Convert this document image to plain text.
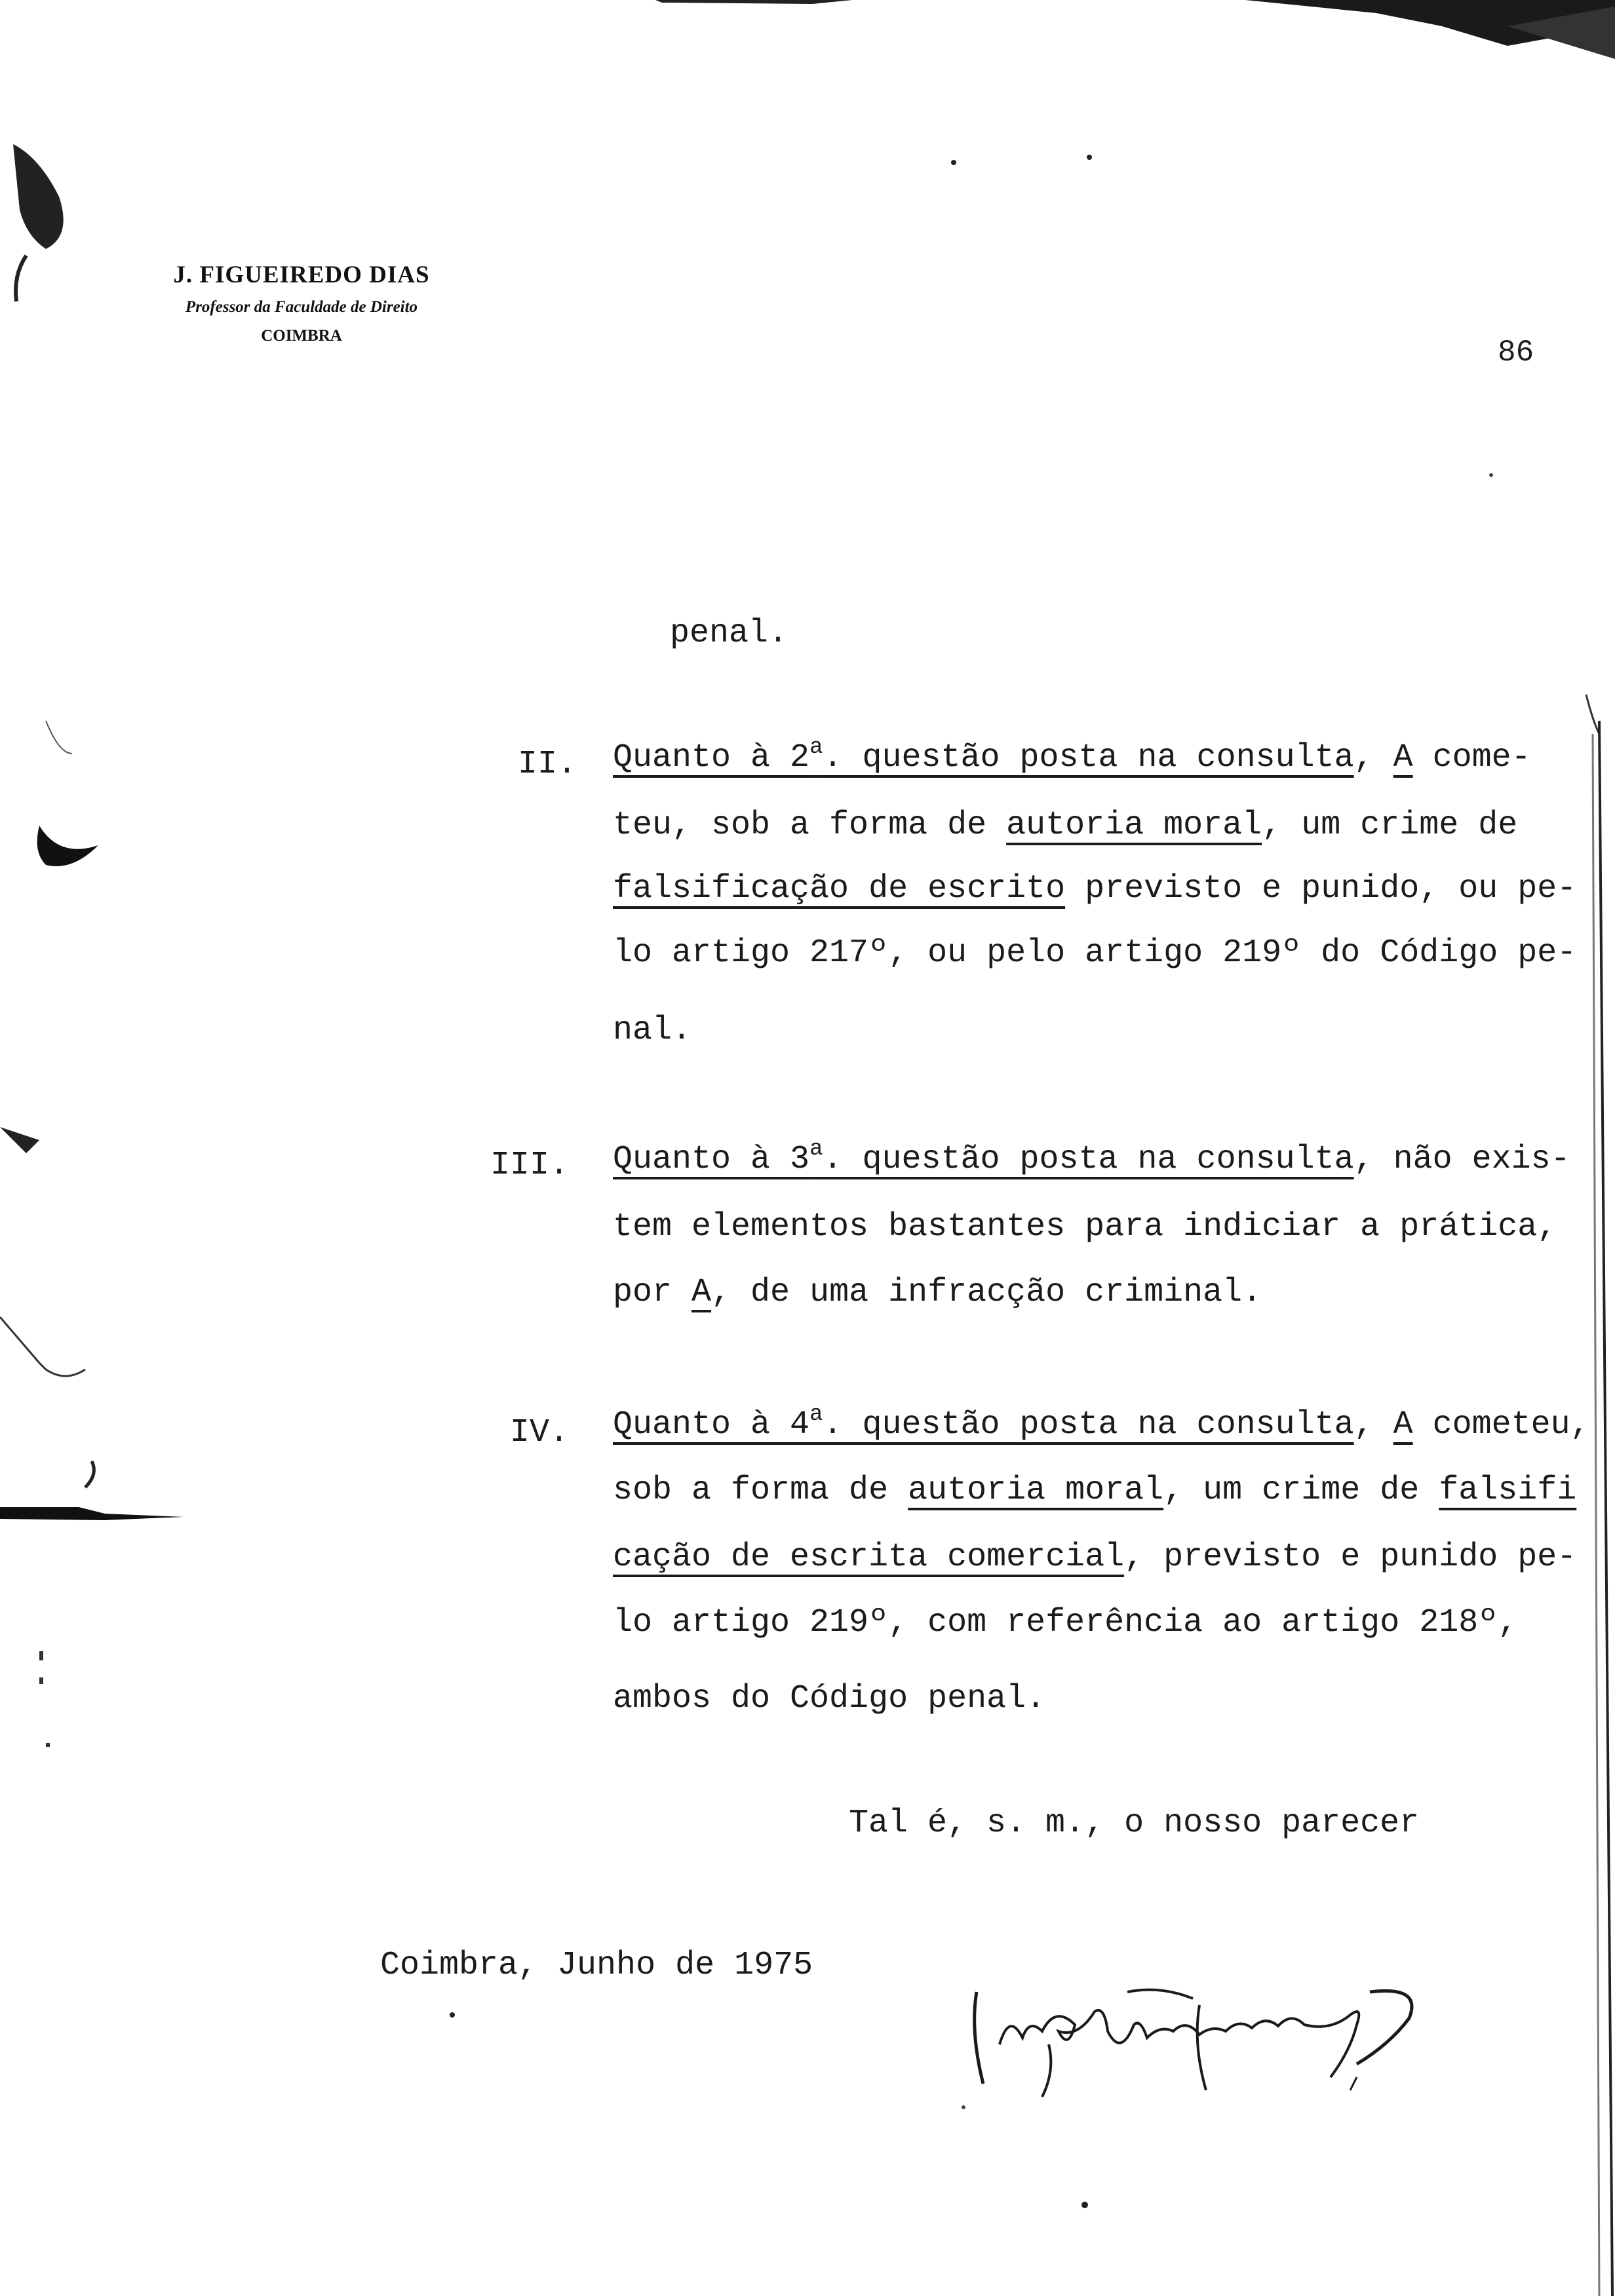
J. FIGUEIREDO DIAS
Professor da Faculdade de Direito
COIMBRA	86
penal.
II. Quanto à 2$^a$. questão posta na consulta, A come-
teu, sob a forma de autoria moral, um crime de
falsificação de escrito previsto e punido, ou pe-
lo artigo 217º, ou pelo artigo 219º do Código pe-
nal.
III. Quanto à 3$^a$. questão posta na consulta, não exis-
tem elementos bastantes para indiciar a prática,
por A, de uma infracção criminal.
IV. Quanto à 4$^a$. questão posta na consulta, A cometeu,
sob a forma de autoria moral, um crime de falsifi
cação de escrita comercial, previsto e punido pe-
lo artigo 219º, com referência ao artigo 218º,
ambos do Código penal.
Tal é, s. m., o nosso parecer
Coimbra, Junho de 1975
